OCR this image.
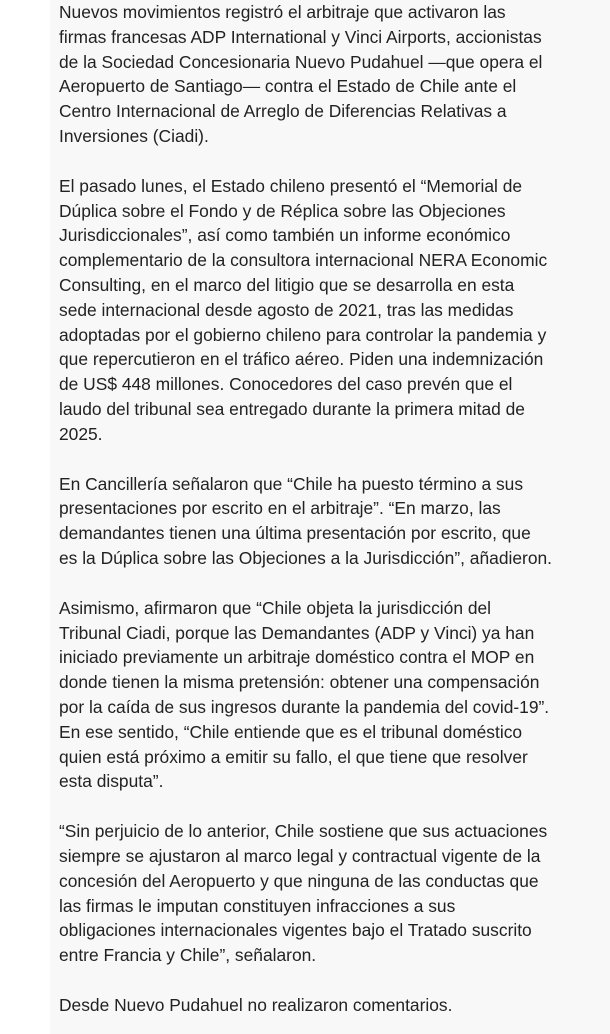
Nuevos movimientos registró el arbitraje que activaron las
firmas francesas ADP International y Vinci Airports, accionistas
de la Sociedad Concesionaria Nuevo Pudahuel —que opera el
Aeropuerto de Santiago— contra el Estado de Chile ante el
Centro Internacional de Arreglo de Diferencias Relativas a
Inversiones (Ciadi).

El pasado lunes, el Estado chileno presentó el “Memorial de
Dúplica sobre el Fondo y de Réplica sobre las Objeciones
Jurisdiccionales”, así como también un informe económico
complementario de la consultora internacional NERA Economic
Consulting, en el marco del litigio que se desarrolla en esta
sede internacional desde agosto de 2021, tras las medidas
adoptadas por el gobierno chileno para controlar la pandemia y
que repercutieron en el tráfico aéreo. Piden una indemnización
de US$ 448 millones. Conocedores del caso prevén que el
laudo del tribunal sea entregado durante la primera mitad de
2025.

En Cancillería señalaron que “Chile ha puesto término a sus
presentaciones por escrito en el arbitraje”. “En marzo, las
demandantes tienen una última presentación por escrito, que
es la Dúplica sobre las Objeciones a la Jurisdicción”, añadieron.

Asimismo, afirmaron que “Chile objeta la jurisdicción del
Tribunal Ciadi, porque las Demandantes (ADP y Vinci) ya han
iniciado previamente un arbitraje doméstico contra el MOP en
donde tienen la misma pretensión: obtener una compensación
por la caída de sus ingresos durante la pandemia del covid-19”.
En ese sentido, “Chile entiende que es el tribunal doméstico
quien está próximo a emitir su fallo, el que tiene que resolver
esta disputa”.

“Sin perjuicio de lo anterior, Chile sostiene que sus actuaciones
siempre se ajustaron al marco legal y contractual vigente de la
concesión del Aeropuerto y que ninguna de las conductas que
las firmas le imputan constituyen infracciones a sus
obligaciones internacionales vigentes bajo el Tratado suscrito
entre Francia y Chile”, señalaron.

Desde Nuevo Pudahuel no realizaron comentarios.
